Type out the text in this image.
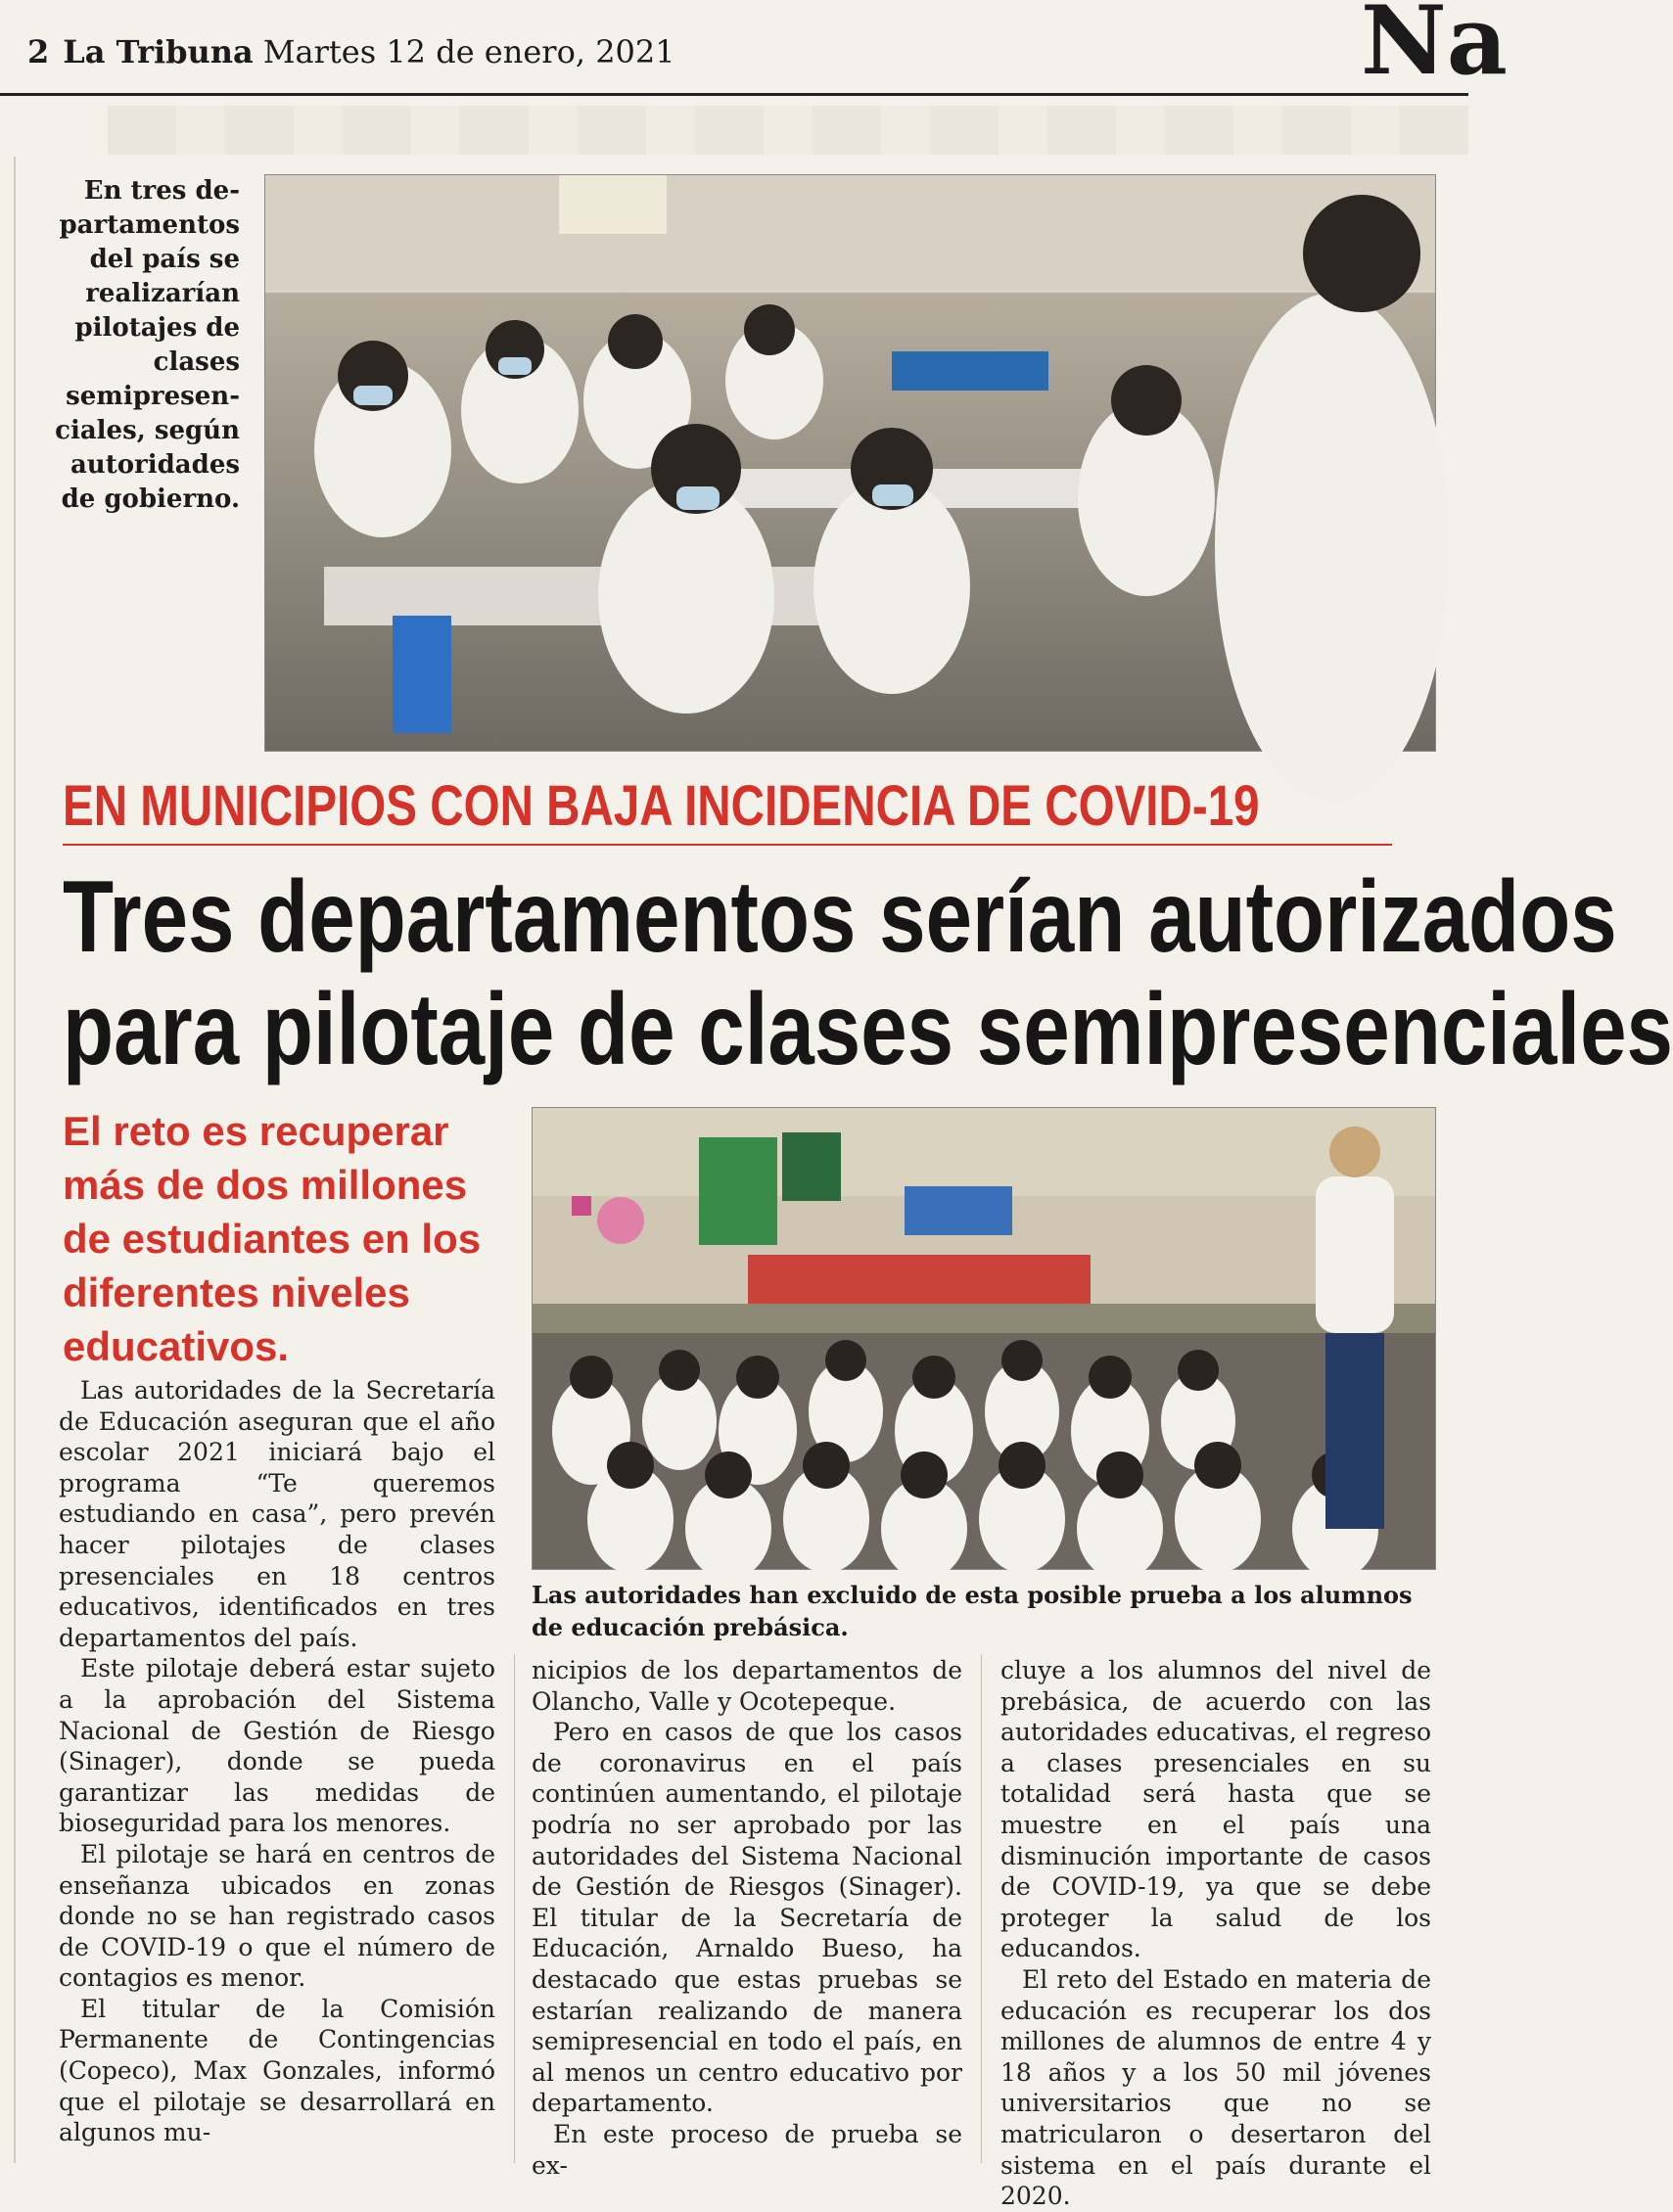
2 La Tribuna Martes 12 de enero, 2021	Na
En tres de- partamentos del país se realizarían pilotajes de clases semipresen- ciales, según autoridades de gobierno.
EN MUNICIPIOS CON BAJA INCIDENCIA DE COVID-19
Tres departamentos serían autorizados
para pilotaje de clases semipresenciales
El reto es recuperar más de dos millones de estudiantes en los diferentes niveles educativos.
Las autoridades han excluido de esta posible prueba a los alumnos de educación prebásica.

Las autoridades de la Secretaría de Educación aseguran que el año escolar 2021 iniciará bajo el programa “Te queremos estudiando en casa”, pero prevén hacer pilotajes de clases presenciales en 18 centros educativos, identificados en tres departamentos del país.

Este pilotaje deberá estar sujeto a la aprobación del Sistema Nacional de Gestión de Riesgo (Sinager), donde se pueda garantizar las medidas de bioseguridad para los menores.

El pilotaje se hará en centros de enseñanza ubicados en zonas donde no se han registrado casos de COVID-19 o que el número de contagios es menor.

El titular de la Comisión Permanente de Contingencias (Copeco), Max Gonzales, informó que el pilotaje se desarrollará en algunos mu-

nicipios de los departamentos de Olancho, Valle y Ocotepeque.

Pero en casos de que los casos de coronavirus en el país continúen aumentando, el pilotaje podría no ser aprobado por las autoridades del Sistema Nacional de Gestión de Riesgos (Sinager). El titular de la Secretaría de Educación, Arnaldo Bueso, ha destacado que estas pruebas se estarían realizando de manera semipresencial en todo el país, en al menos un centro educativo por departamento.

En este proceso de prueba se ex-

cluye a los alumnos del nivel de prebásica, de acuerdo con las autoridades educativas, el regreso a clases presenciales en su totalidad será hasta que se muestre en el país una disminución importante de casos de COVID-19, ya que se debe proteger la salud de los educandos.

El reto del Estado en materia de educación es recuperar los dos millones de alumnos de entre 4 y 18 años y a los 50 mil jóvenes universitarios que no se matricularon o desertaron del sistema en el país durante el 2020.
